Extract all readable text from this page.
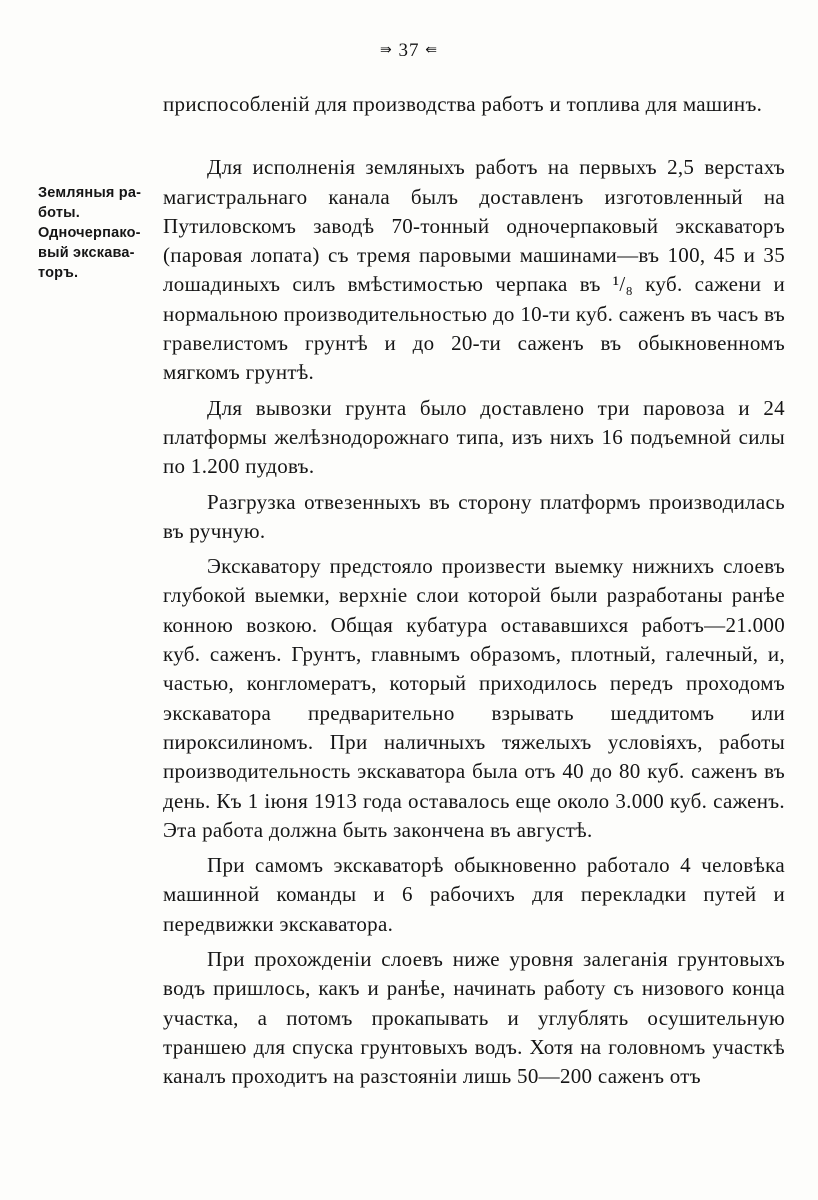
⇛ 37 ⇚
Земляныя ра-
боты.
Одночерпако-
вый экскава-
торъ.

приспособленій для производства работъ и топлива для машинъ.

Для исполненія земляныхъ работъ на первыхъ 2,5 верстахъ магистральнаго канала былъ доставленъ изготовленный на Путиловскомъ заводѣ 70-тонный одночерпаковый экскаваторъ (паровая лопата) съ тремя паровыми машинами—въ 100, 45 и 35 лошадиныхъ силъ вмѣстимостью черпака въ ¹/₈ куб. сажени и нормальною производительностью до 10-ти куб. саженъ въ часъ въ гравелистомъ грунтѣ и до 20-ти саженъ въ обыкновенномъ мягкомъ грунтѣ.

Для вывозки грунта было доставлено три паровоза и 24 платформы желѣзнодорожнаго типа, изъ нихъ 16 подъемной силы по 1.200 пудовъ.

Разгрузка отвезенныхъ въ сторону платформъ производилась въ ручную.

Экскаватору предстояло произвести выемку нижнихъ слоевъ глубокой выемки, верхніе слои которой были разработаны ранѣе конною возкою. Общая кубатура остававшихся работъ—21.000 куб. саженъ. Грунтъ, главнымъ образомъ, плотный, галечный, и, частью, конгломератъ, который приходилось передъ проходомъ экскаватора предварительно взрывать шеддитомъ или пироксилиномъ. При наличныхъ тяжелыхъ условіяхъ, работы производительность экскаватора была отъ 40 до 80 куб. саженъ въ день. Къ 1 іюня 1913 года оставалось еще около 3.000 куб. саженъ. Эта работа должна быть закончена въ августѣ.

При самомъ экскаваторѣ обыкновенно работало 4 человѣка машинной команды и 6 рабочихъ для перекладки путей и передвижки экскаватора.

При прохожденіи слоевъ ниже уровня залеганія грунтовыхъ водъ пришлось, какъ и ранѣе, начинать работу съ низового конца участка, а потомъ прокапывать и углублять осушительную траншею для спуска грунтовыхъ водъ. Хотя на головномъ участкѣ каналъ проходитъ на разстояніи лишь 50—200 саженъ отъ
